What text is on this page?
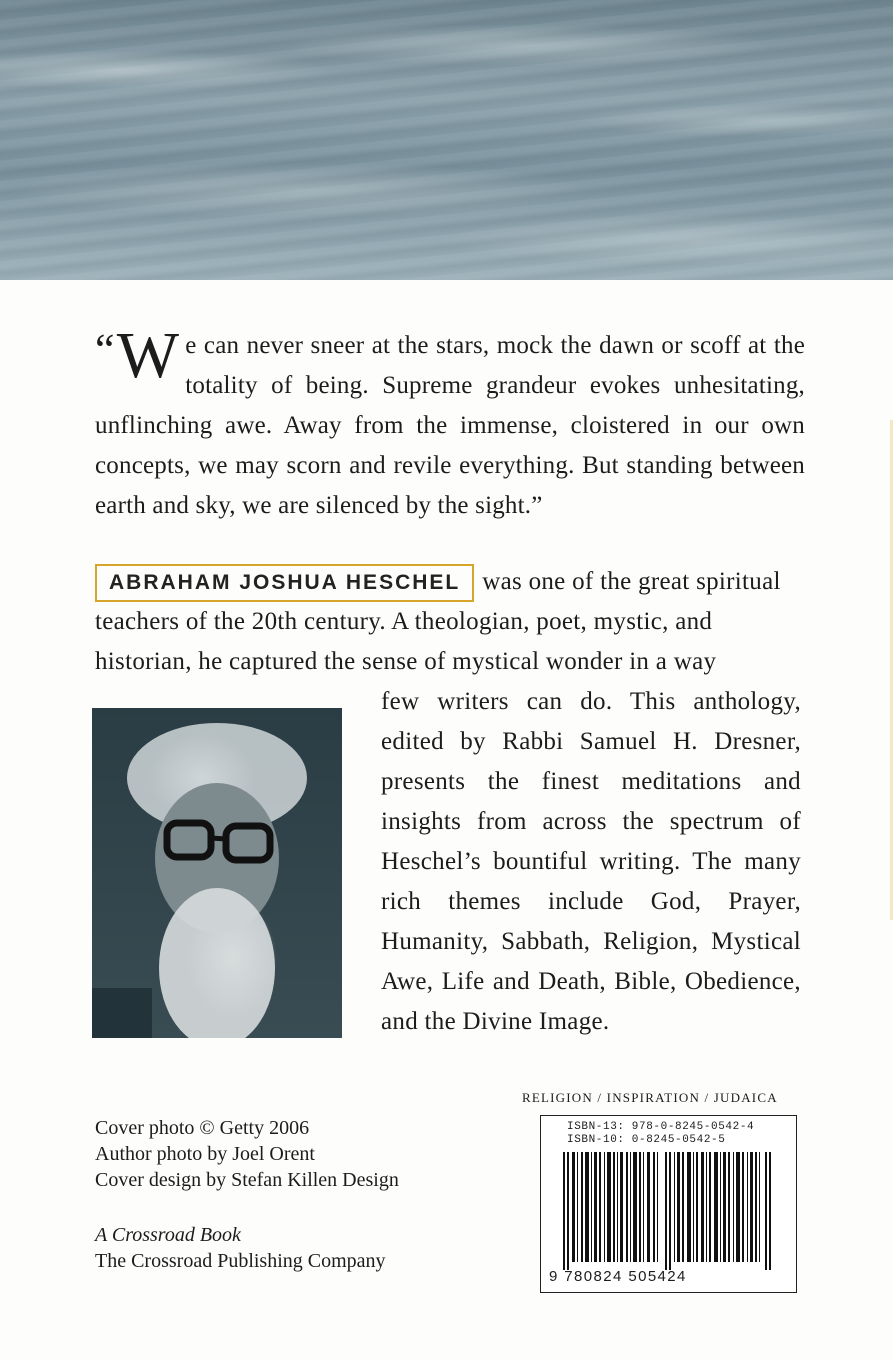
“ W e can never sneer at the stars, mock the dawn or scoff at the totality of being. Supreme grandeur evokes unhesitating, unflinching awe. Away from the immense, cloistered in our own concepts, we may scorn and revile everything. But standing between earth and sky, we are silenced by the sight.”
ABRAHAM JOSHUA HESCHEL was one of the great spiritual
teachers of the 20th century. A theologian, poet, mystic, and
historian, he captured the sense of mystical wonder in a way
few writers can do. This anthology, edited by Rabbi Samuel H. Dresner, presents the finest meditations and insights from across the spectrum of Heschel’s bountiful writing. The many rich themes include God, Prayer, Humanity, Sabbath, Religion, Mystical Awe, Life and Death, Bible, Obedience, and the Divine Image.
Cover photo © Getty 2006
Author photo by Joel Orent
Cover design by Stefan Killen Design
A Crossroad Book
The Crossroad Publishing Company
RELIGION / INSPIRATION / JUDAICA
ISBN-13: 978-0-8245-0542-4
ISBN-10: 0-8245-0542-5
9 780824 505424
